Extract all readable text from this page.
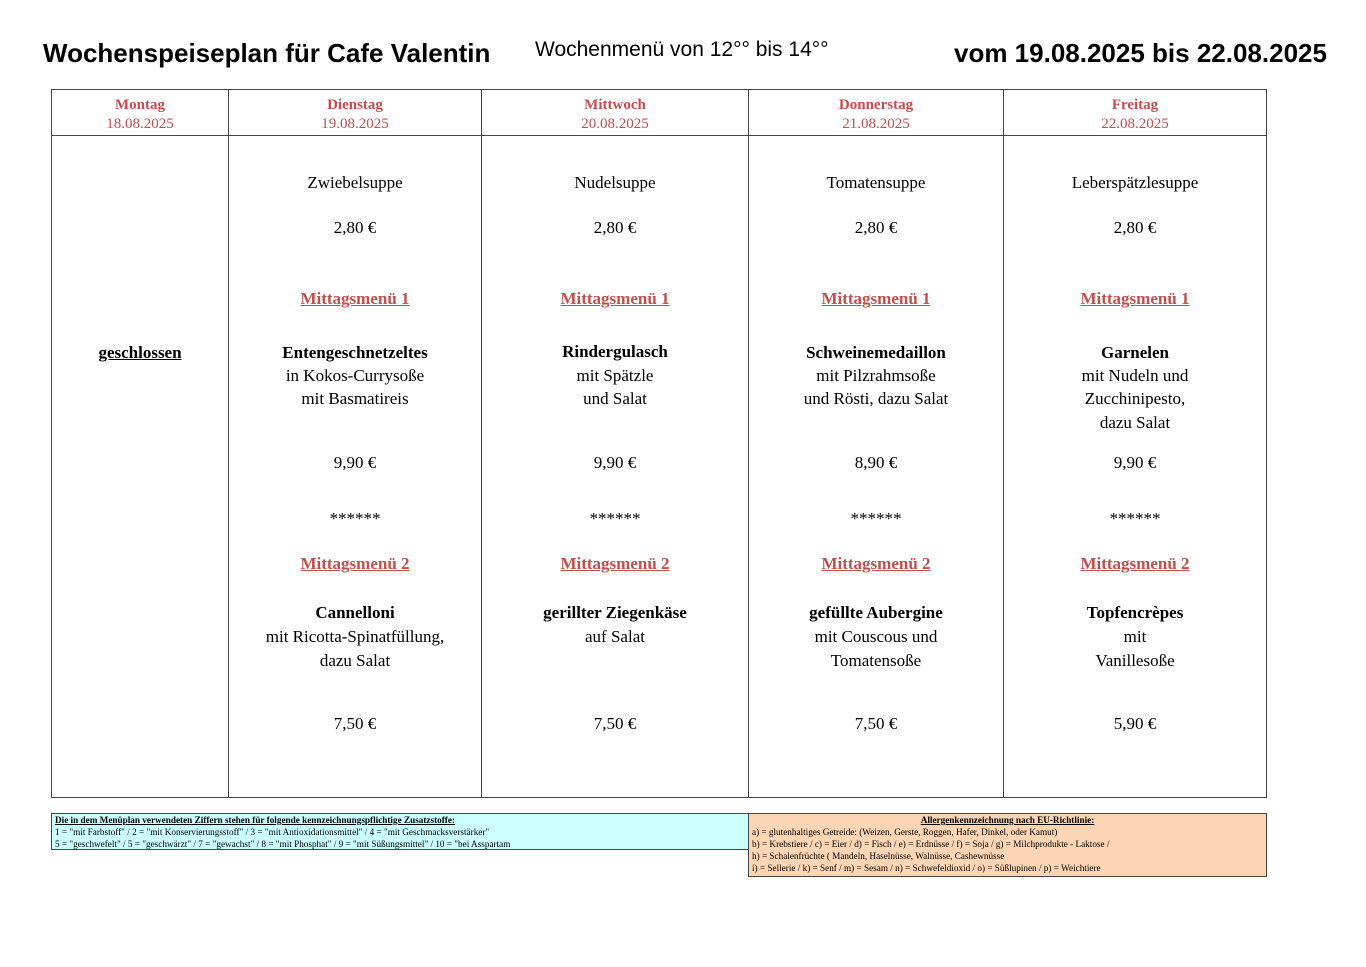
Wochenspeiseplan für Cafe Valentin Wochenmenü von 12°° bis 14°°	vom 19.08.2025 bis 22.08.2025
Montag
18.08.2025
geschlossen
Dienstag
19.08.2025
Zwiebelsuppe
2,80 €
Mittagsmenü 1
Entengeschnetzeltes
in Kokos-Currysoße
mit Basmatireis
9,90 €
******
Mittagsmenü 2
Cannelloni
mit Ricotta-Spinatfüllung,
dazu Salat
7,50 €
Mittwoch
20.08.2025
Nudelsuppe
2,80 €
Mittagsmenü 1
Rindergulasch
mit Spätzle
und Salat
9,90 €
******
Mittagsmenü 2
gerillter Ziegenkäse
auf Salat
7,50 €
Donnerstag
21.08.2025
Tomatensuppe
2,80 €
Mittagsmenü 1
Schweinemedaillon
mit Pilzrahmsoße
und Rösti, dazu Salat
8,90 €
******
Mittagsmenü 2
gefüllte Aubergine
mit Couscous und
Tomatensoße
7,50 €
Freitag
22.08.2025
Leberspätzlesuppe
2,80 €
Mittagsmenü 1
Garnelen
mit Nudeln und
Zucchinipesto,
dazu Salat
9,90 €
******
Mittagsmenü 2
Topfencrèpes
mit
Vanillesoße
5,90 €
Die in dem Menüplan verwendeten Ziffern stehen für folgende kennzeichnungspflichtige Zusatzstoffe:
1 = "mit Farbstoff" / 2 = "mit Konservierungsstoff" / 3 = "mit Antioxidationsmittel" / 4 = "mit Geschmacksverstärker"
5 = "geschwefelt" / 5 = "geschwärzt" / 7 = "gewachst" / 8 = "mit Phosphat" / 9 = "mit Süßungsmittel" / 10 = "bei Asspartam
Allergenkennzeichnung nach EU-Richtlinie:
a) = glutenhaltiges Getreide: (Weizen, Gerste, Roggen, Hafer, Dinkel, oder Kamut)
b) = Krebstiere / c) = Eier / d) = Fisch / e) = Erdnüsse / f) = Soja / g) = Milchprodukte - Laktose /
h) = Schalenfrüchte ( Mandeln, Haselnüsse, Walnüsse, Cashewnüsse
i) = Sellerie / k) = Senf / m) = Sesam / n) = Schwefeldioxid / o) = Süßlupinen / p) = Weichtiere
